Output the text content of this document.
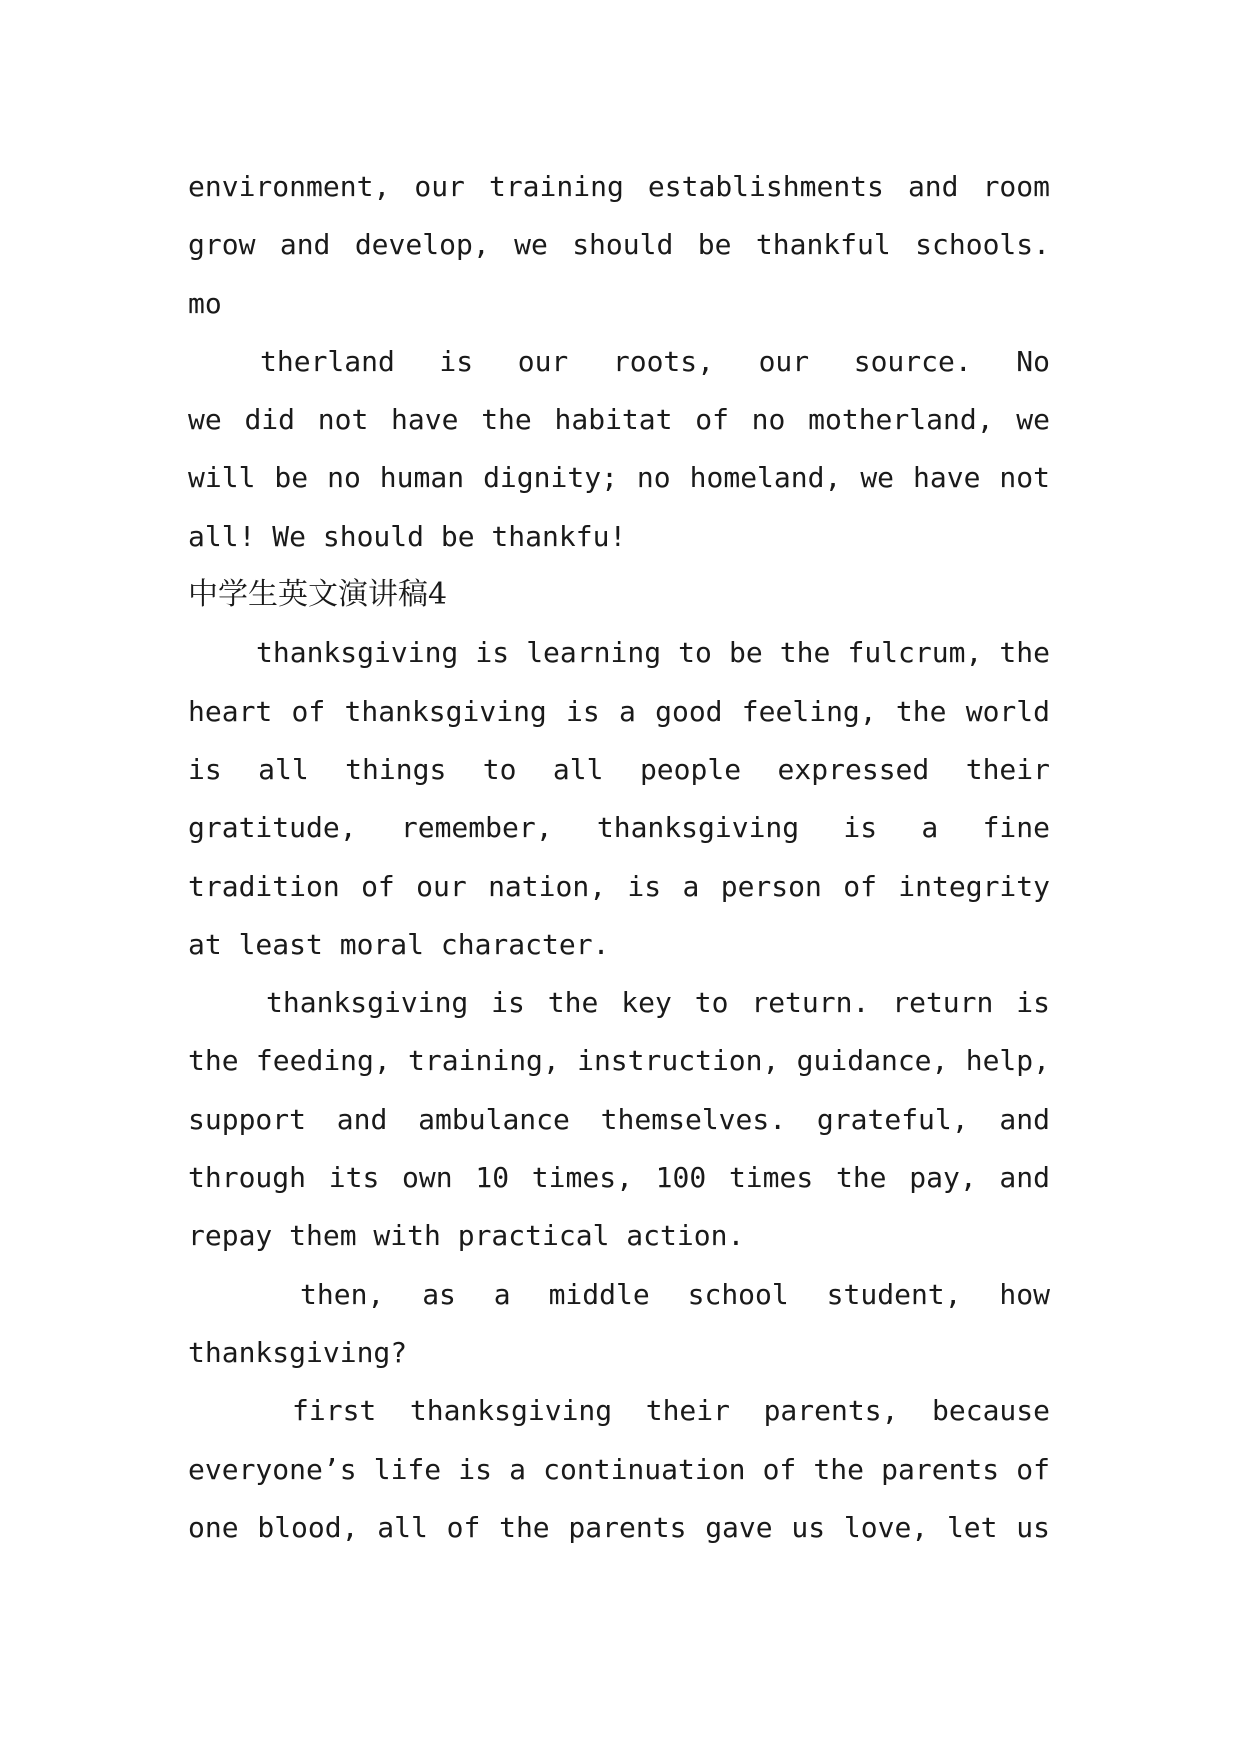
environment, our training establishments and room
grow and develop, we should be thankful schools.
mo
therland is our roots, our source. No
we did not have the habitat of no motherland, we
will be no human dignity; no homeland, we have not
all! We should be thankfu!
中学生英文演讲稿4
thanksgiving is learning to be the fulcrum, the
heart of thanksgiving is a good feeling, the world
is all things to all people expressed their
gratitude, remember, thanksgiving is a fine
tradition of our nation, is a person of integrity
at least moral character.
thanksgiving is the key to return. return is
the feeding, training, instruction, guidance, help,
support and ambulance themselves. grateful, and
through its own 10 times, 100 times the pay, and
repay them with practical action.
then, as a middle school student, how
thanksgiving?
first thanksgiving their parents, because
everyone’s life is a continuation of the parents of
one blood, all of the parents gave us love, let us
